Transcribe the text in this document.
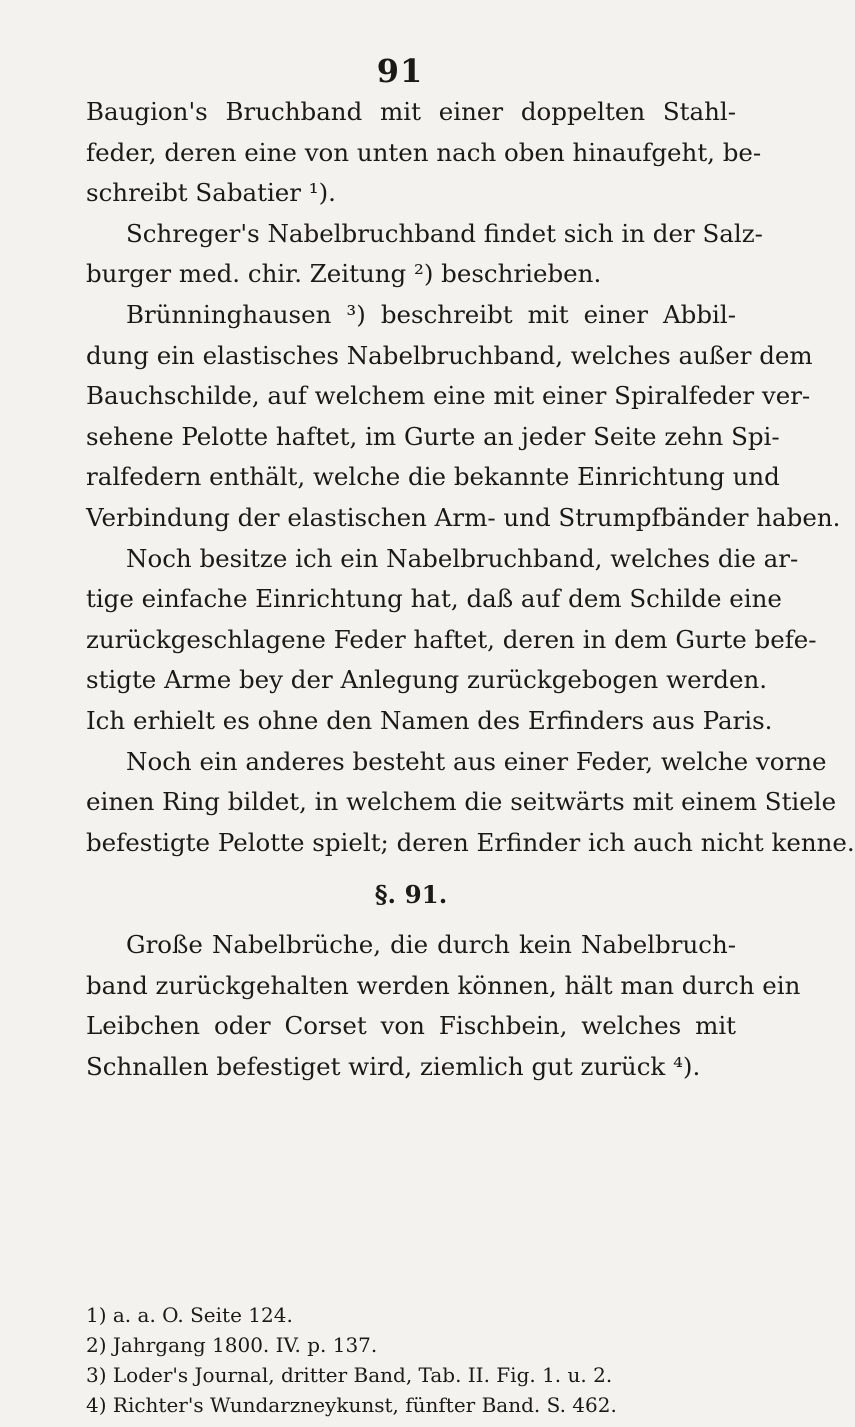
91
Baugion's Bruchband mit einer doppelten Stahl-
feder, deren eine von unten nach oben hinaufgeht, be-
schreibt Sabatier ¹).
Schreger's Nabelbruchband findet sich in der Salz-
burger med. chir. Zeitung ²) beschrieben.
Brünninghausen ³) beschreibt mit einer Abbil-
dung ein elastisches Nabelbruchband, welches außer dem
Bauchschilde, auf welchem eine mit einer Spiralfeder ver-
sehene Pelotte haftet, im Gurte an jeder Seite zehn Spi-
ralfedern enthält, welche die bekannte Einrichtung und
Verbindung der elastischen Arm- und Strumpfbänder haben.
Noch besitze ich ein Nabelbruchband, welches die ar-
tige einfache Einrichtung hat, daß auf dem Schilde eine
zurückgeschlagene Feder haftet, deren in dem Gurte befe-
stigte Arme bey der Anlegung zurückgebogen werden.
Ich erhielt es ohne den Namen des Erfinders aus Paris.
Noch ein anderes besteht aus einer Feder, welche vorne
einen Ring bildet, in welchem die seitwärts mit einem Stiele
befestigte Pelotte spielt; deren Erfinder ich auch nicht kenne.
§. 91.
Große Nabelbrüche, die durch kein Nabelbruch-
band zurückgehalten werden können, hält man durch ein
Leibchen oder Corset von Fischbein, welches mit
Schnallen befestiget wird, ziemlich gut zurück ⁴).
1) a. a. O. Seite 124.
2) Jahrgang 1800. IV. p. 137.
3) Loder's Journal, dritter Band, Tab. II. Fig. 1. u. 2.
4) Richter's Wundarzneykunst, fünfter Band. S. 462.
